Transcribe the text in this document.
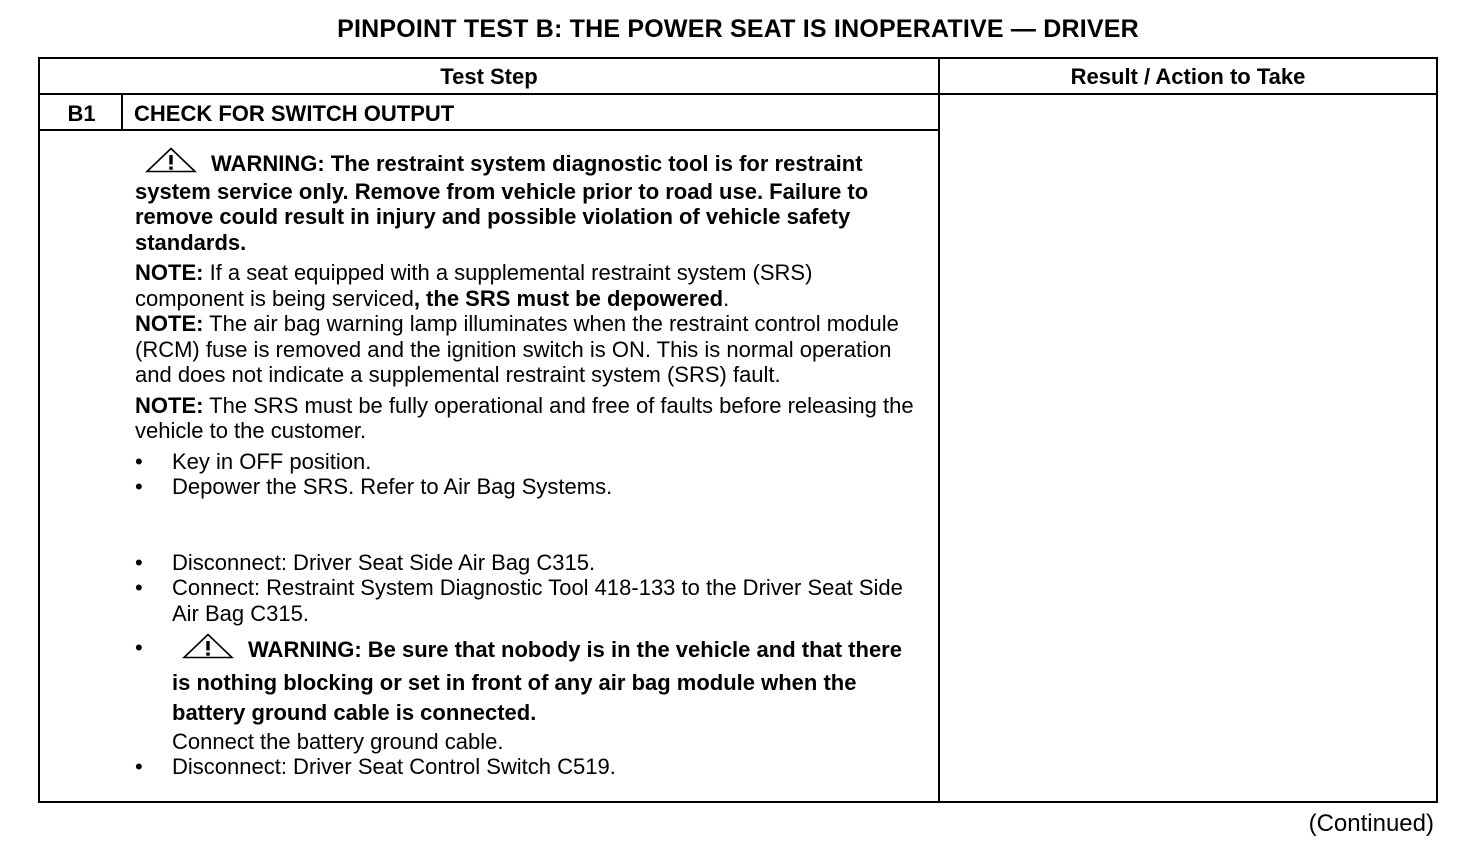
PINPOINT TEST B: THE POWER SEAT IS INOPERATIVE — DRIVER
Test Step	Result / Action to Take
B1	CHECK FOR SWITCH OUTPUT

WARNING: The restraint system diagnostic tool is for restraint system service only. Remove from vehicle prior to road use. Failure to remove could result in injury and possible violation of vehicle safety standards.

NOTE: If a seat equipped with a supplemental restraint system (SRS) component is being serviced, the SRS must be depowered.

NOTE: The air bag warning lamp illuminates when the restraint control module (RCM) fuse is removed and the ignition switch is ON. This is normal operation and does not indicate a supplemental restraint system (SRS) fault.

NOTE: The SRS must be fully operational and free of faults before releasing the vehicle to the customer.

• Key in OFF position.
• Depower the SRS. Refer to Air Bag Systems.
• Disconnect: Driver Seat Side Air Bag C315.
• Connect: Restraint System Diagnostic Tool 418-133 to the Driver Seat Side Air Bag C315.
•	WARNING: Be sure that nobody is in the vehicle and that there is nothing blocking or set in front of any air bag module when the battery ground cable is connected.
Connect the battery ground cable.
• Disconnect: Driver Seat Control Switch C519.
(Continued)
